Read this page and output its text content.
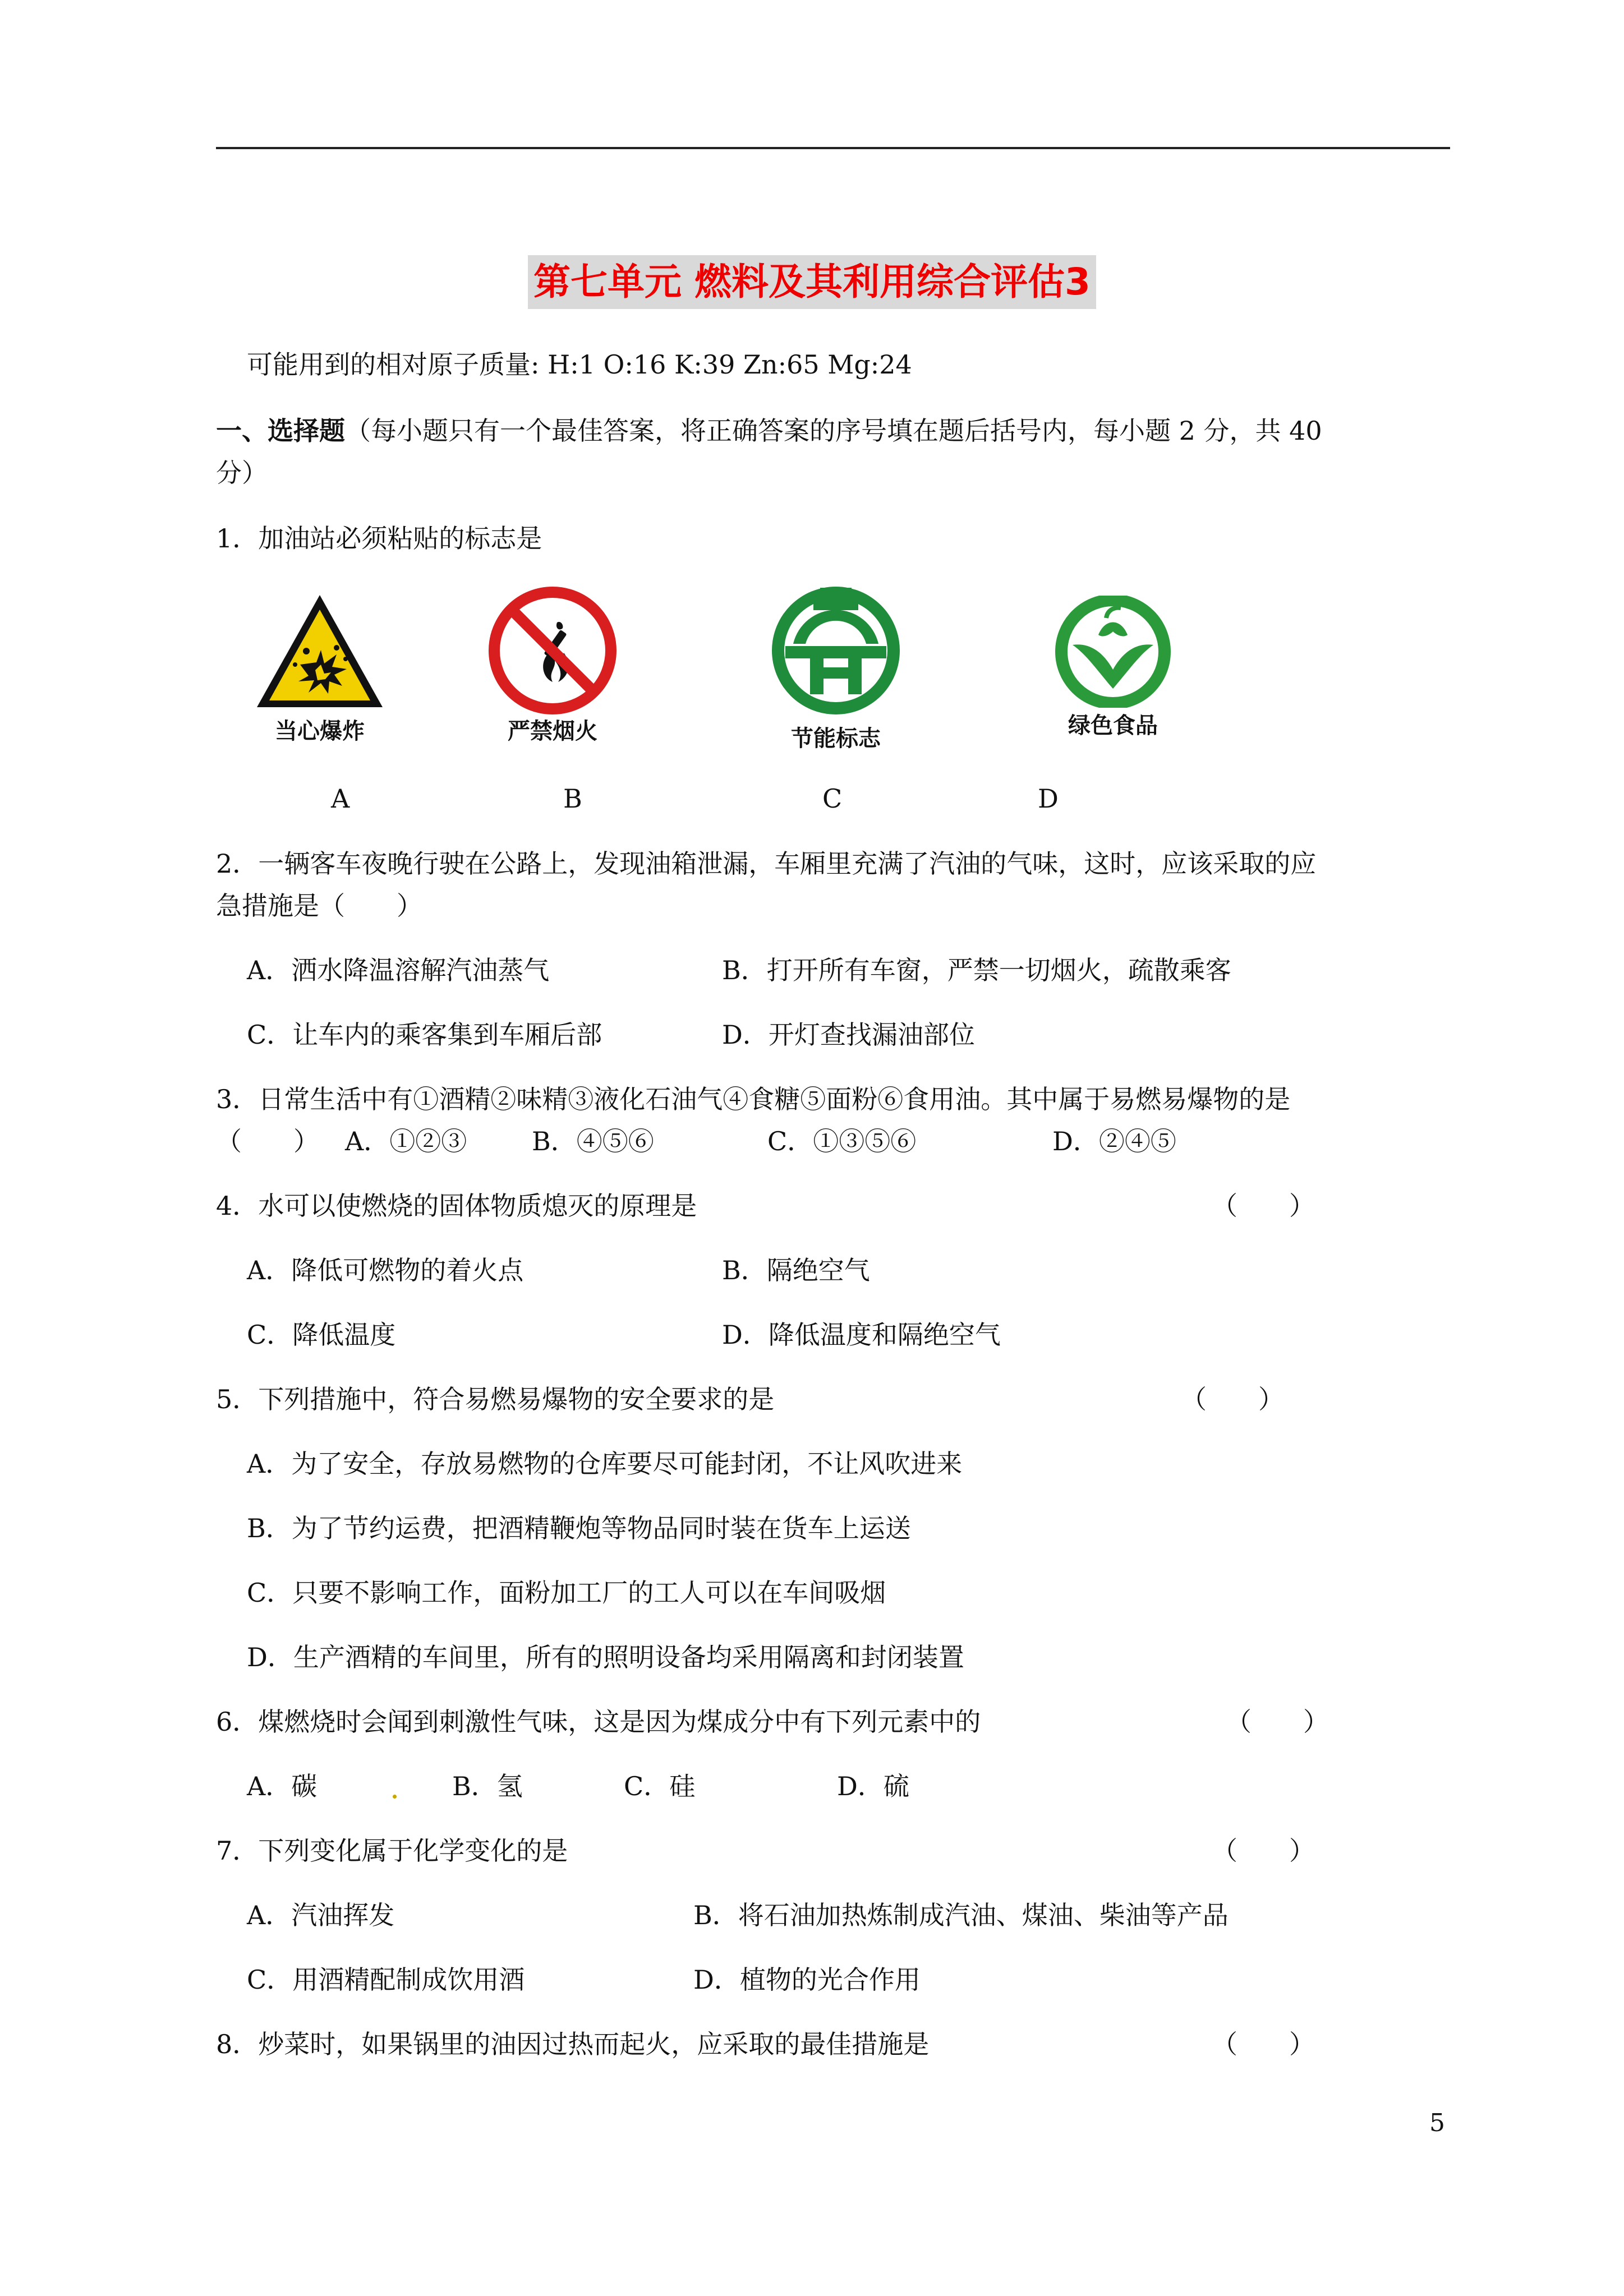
第七单元 燃料及其利用综合评估3
可能用到的相对原子质量: H:1 O:16 K:39 Zn:65 Mg:24
一、选择题（每小题只有一个最佳答案，将正确答案的序号填在题后括号内，每小题 2 分，共 40
分）
1．加油站必须粘贴的标志是
当心爆炸	严禁烟火	节能标志	绿色食品
A	B	C	D
2．一辆客车夜晚行驶在公路上，发现油箱泄漏，车厢里充满了汽油的气味，这时，应该采取的应
急措施是（　　）
A．洒水降温溶解汽油蒸气	B．打开所有车窗，严禁一切烟火，疏散乘客
C．让车内的乘客集到车厢后部	D．开灯查找漏油部位
3．日常生活中有①酒精②味精③液化石油气④食糖⑤面粉⑥食用油。其中属于易燃易爆物的是
（　　） A．①②③	B．④⑤⑥	C．①③⑤⑥	D．②④⑤
4．水可以使燃烧的固体物质熄灭的原理是	（　　）
A．降低可燃物的着火点	B．隔绝空气
C．降低温度	D．降低温度和隔绝空气
5．下列措施中，符合易燃易爆物的安全要求的是	（　　）
A．为了安全，存放易燃物的仓库要尽可能封闭，不让风吹进来
B．为了节约运费，把酒精鞭炮等物品同时装在货车上运送
C．只要不影响工作，面粉加工厂的工人可以在车间吸烟
D．生产酒精的车间里，所有的照明设备均采用隔离和封闭装置
6．煤燃烧时会闻到刺激性气味，这是因为煤成分中有下列元素中的	（　　）
A．碳	B．氢	C．硅	D．硫
7．下列变化属于化学变化的是	（　　）
A．汽油挥发	B．将石油加热炼制成汽油、煤油、柴油等产品
C．用酒精配制成饮用酒	D．植物的光合作用
8．炒菜时，如果锅里的油因过热而起火，应采取的最佳措施是	（　　）
5
